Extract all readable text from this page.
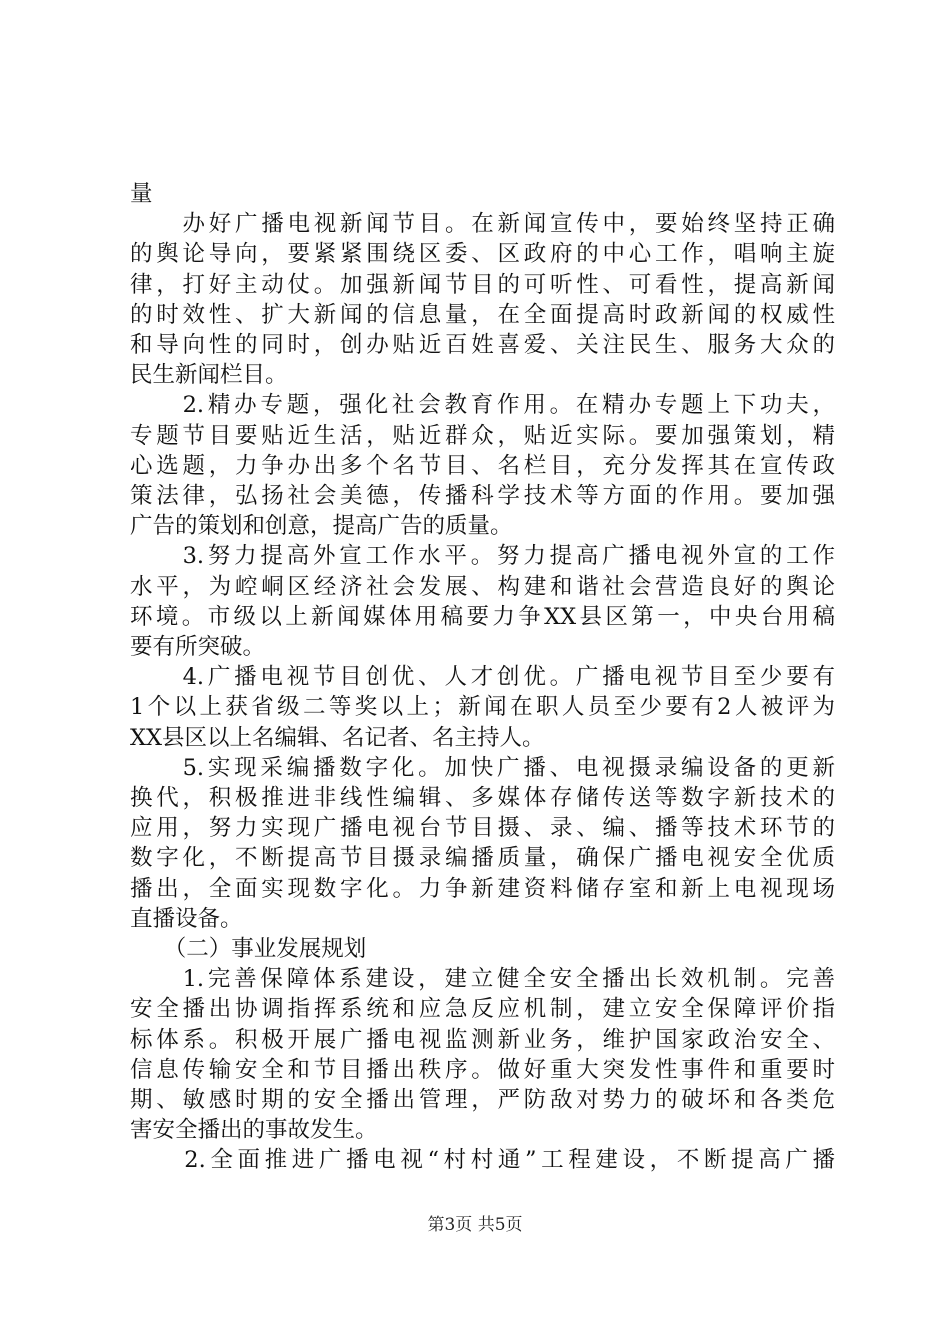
量
　　办好广播电视新闻节目。在新闻宣传中，要始终坚持正确
的舆论导向，要紧紧围绕区委、区政府的中心工作，唱响主旋
律，打好主动仗。加强新闻节目的可听性、可看性，提高新闻
的时效性、扩大新闻的信息量，在全面提高时政新闻的权威性
和导向性的同时，创办贴近百姓喜爱、关注民生、服务大众的
民生新闻栏目。
　　2.精办专题，强化社会教育作用。在精办专题上下功夫，
专题节目要贴近生活，贴近群众，贴近实际。要加强策划，精
心选题，力争办出多个名节目、名栏目，充分发挥其在宣传政
策法律，弘扬社会美德，传播科学技术等方面的作用。要加强
广告的策划和创意，提高广告的质量。
　　3.努力提高外宣工作水平。努力提高广播电视外宣的工作
水平，为崆峒区经济社会发展、构建和谐社会营造良好的舆论
环境。市级以上新闻媒体用稿要力争XX县区第一，中央台用稿
要有所突破。
　　4.广播电视节目创优、人才创优。广播电视节目至少要有
1个以上获省级二等奖以上；新闻在职人员至少要有2人被评为
XX县区以上名编辑、名记者、名主持人。
　　5.实现采编播数字化。加快广播、电视摄录编设备的更新
换代，积极推进非线性编辑、多媒体存储传送等数字新技术的
应用，努力实现广播电视台节目摄、录、编、播等技术环节的
数字化，不断提高节目摄录编播质量，确保广播电视安全优质
播出，全面实现数字化。力争新建资料储存室和新上电视现场
直播设备。
　　（二）事业发展规划
　　1.完善保障体系建设，建立健全安全播出长效机制。完善
安全播出协调指挥系统和应急反应机制，建立安全保障评价指
标体系。积极开展广播电视监测新业务，维护国家政治安全、
信息传输安全和节目播出秩序。做好重大突发性事件和重要时
期、敏感时期的安全播出管理，严防敌对势力的破坏和各类危
害安全播出的事故发生。
　　2.全面推进广播电视“村村通”工程建设，不断提高广播
第3页 共5页
